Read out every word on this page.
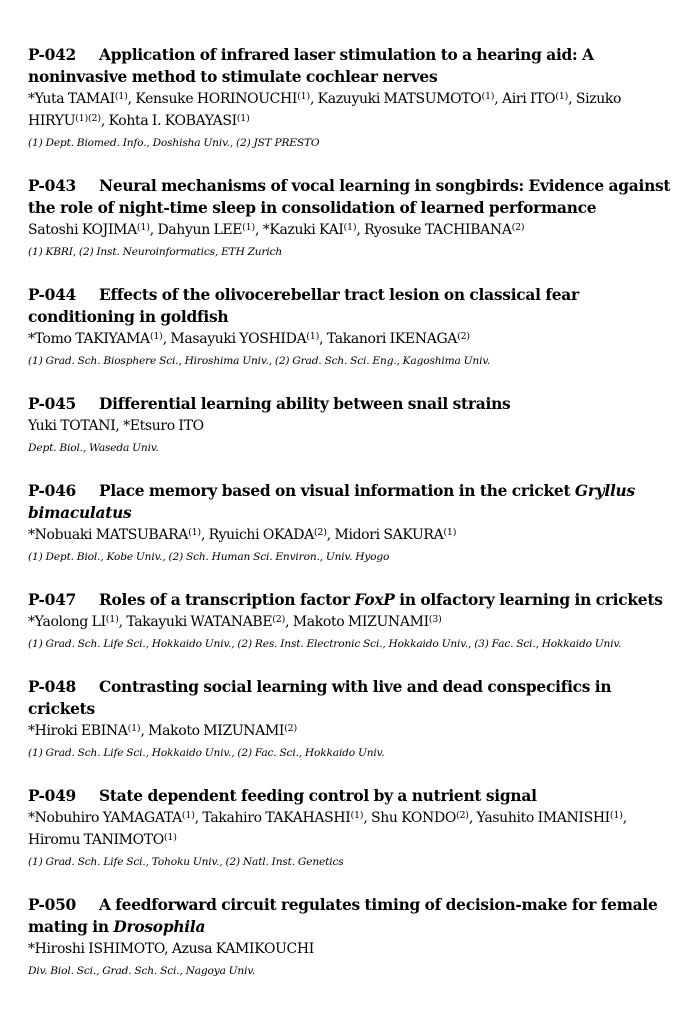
P-042 Application of infrared laser stimulation to a hearing aid: A noninvasive method to stimulate cochlear nerves
*Yuta TAMAI$^{(1)}$, Kensuke HORINOUCHI$^{(1)}$, Kazuyuki MATSUMOTO$^{(1)}$, Airi ITO$^{(1)}$, Sizuko $HIRYU^{(1)(2)}$, Kohta I. KOBAYASI$^{(1)}$
(1) Dept. Biomed. Info., Doshisha Univ., (2) JST PRESTO
P-043 Neural mechanisms of vocal learning in songbirds: Evidence against the role of night-time sleep in consolidation of learned performance
Satoshi KOJIMA$^{(1)}$, Dahyun LEE$^{(1)}$, *Kazuki KAI$^{(1)}$, Ryosuke TACHIBANA$^{(2)}$
(1) KBRI, (2) Inst. Neuroinformatics, ETH Zurich
P-044 Effects of the olivocerebellar tract lesion on classical fear conditioning in goldfish
*Tomo TAKIYAMA$^{(1)}$, Masayuki YOSHIDA$^{(1)}$, Takanori IKENAGA$^{(2)}$
(1) Grad. Sch. Biosphere Sci., Hiroshima Univ., (2) Grad. Sch. Sci. Eng., Kagoshima Univ.
P-045 Differential learning ability between snail strains
Yuki TOTANI, *Etsuro ITO
Dept. Biol., Waseda Univ.
P-046 Place memory based on visual information in the cricket Gryllus bimaculatus
*Nobuaki MATSUBARA$^{(1)}$, Ryuichi OKADA$^{(2)}$, Midori SAKURA$^{(1)}$
(1) Dept. Biol., Kobe Univ., (2) Sch. Human Sci. Environ., Univ. Hyogo
P-047 Roles of a transcription factor FoxP in olfactory learning in crickets
*Yaolong LI$^{(1)}$, Takayuki WATANABE$^{(2)}$, Makoto MIZUNAMI$^{(3)}$
(1) Grad. Sch. Life Sci., Hokkaido Univ., (2) Res. Inst. Electronic Sci., Hokkaido Univ., (3) Fac. Sci., Hokkaido Univ.
P-048 Contrasting social learning with live and dead conspecifics in crickets
*Hiroki EBINA$^{(1)}$, Makoto MIZUNAMI$^{(2)}$
(1) Grad. Sch. Life Sci., Hokkaido Univ., (2) Fac. Sci., Hokkaido Univ.
P-049 State dependent feeding control by a nutrient signal
*Nobuhiro YAMAGATA$^{(1)}$, Takahiro TAKAHASHI$^{(1)}$, Shu KONDO$^{(2)}$, Yasuhito IMANISHI$^{(1)}$, Hiromu TANIMOTO$^{(1)}$
(1) Grad. Sch. Life Sci., Tohoku Univ., (2) Natl. Inst. Genetics
P-050 A feedforward circuit regulates timing of decision-make for female mating in Drosophila
*Hiroshi ISHIMOTO, Azusa KAMIKOUCHI
Div. Biol. Sci., Grad. Sch. Sci., Nagoya Univ.
